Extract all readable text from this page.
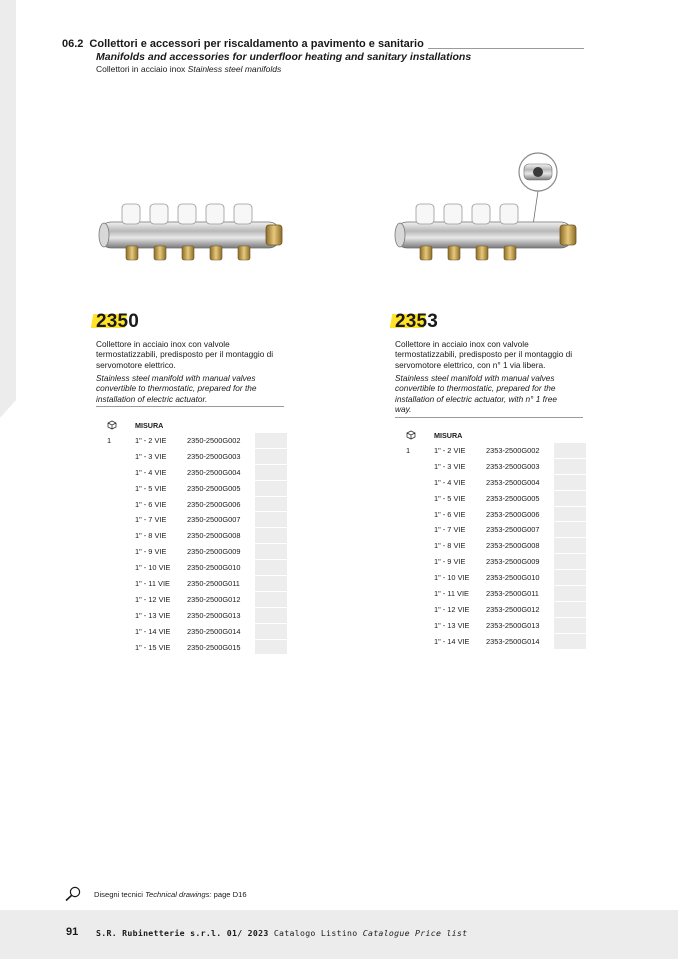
06.2 Collettori e accessori per riscaldamento a pavimento e sanitario
Manifolds and accessories for underfloor heating and sanitary installations
Collettori in acciaio inox Stainless steel manifolds
2350
Collettore in acciaio inox con valvole termostatizzabili, predisposto per il montaggio di servomotore elettrico.
Stainless steel manifold with manual valves convertible to thermostatic, prepared for the installation of electric actuator.
	MISURA		
1	1" - 2 VIE	2350-2500G002	
	1" - 3 VIE	2350-2500G003	
	1" - 4 VIE	2350-2500G004	
	1" - 5 VIE	2350-2500G005	
	1" - 6 VIE	2350-2500G006	
	1" - 7 VIE	2350-2500G007	
	1" - 8 VIE	2350-2500G008	
	1" - 9 VIE	2350-2500G009	
	1" - 10 VIE	2350-2500G010	
	1" - 11 VIE	2350-2500G011	
	1" - 12 VIE	2350-2500G012	
	1" - 13 VIE	2350-2500G013	
	1" - 14 VIE	2350-2500G014	
	1" - 15 VIE	2350-2500G015	
2353
Collettore in acciaio inox con valvole termostatizzabili, predisposto per il montaggio di servomotore elettrico, con n° 1 via libera.
Stainless steel manifold with manual valves convertible to thermostatic, prepared for the installation of electric actuator, with n° 1 free way.
	MISURA		
1	1" - 2 VIE	2353-2500G002	
	1" - 3 VIE	2353-2500G003	
	1" - 4 VIE	2353-2500G004	
	1" - 5 VIE	2353-2500G005	
	1" - 6 VIE	2353-2500G006	
	1" - 7 VIE	2353-2500G007	
	1" - 8 VIE	2353-2500G008	
	1" - 9 VIE	2353-2500G009	
	1" - 10 VIE	2353-2500G010	
	1" - 11 VIE	2353-2500G011	
	1" - 12 VIE	2353-2500G012	
	1" - 13 VIE	2353-2500G013	
	1" - 14 VIE	2353-2500G014	
Disegni tecnici
Technical drawings:
page D16
91 S.R. Rubinetterie s.r.l. 01/ 2023 Catalogo Listino Catalogue Price list
